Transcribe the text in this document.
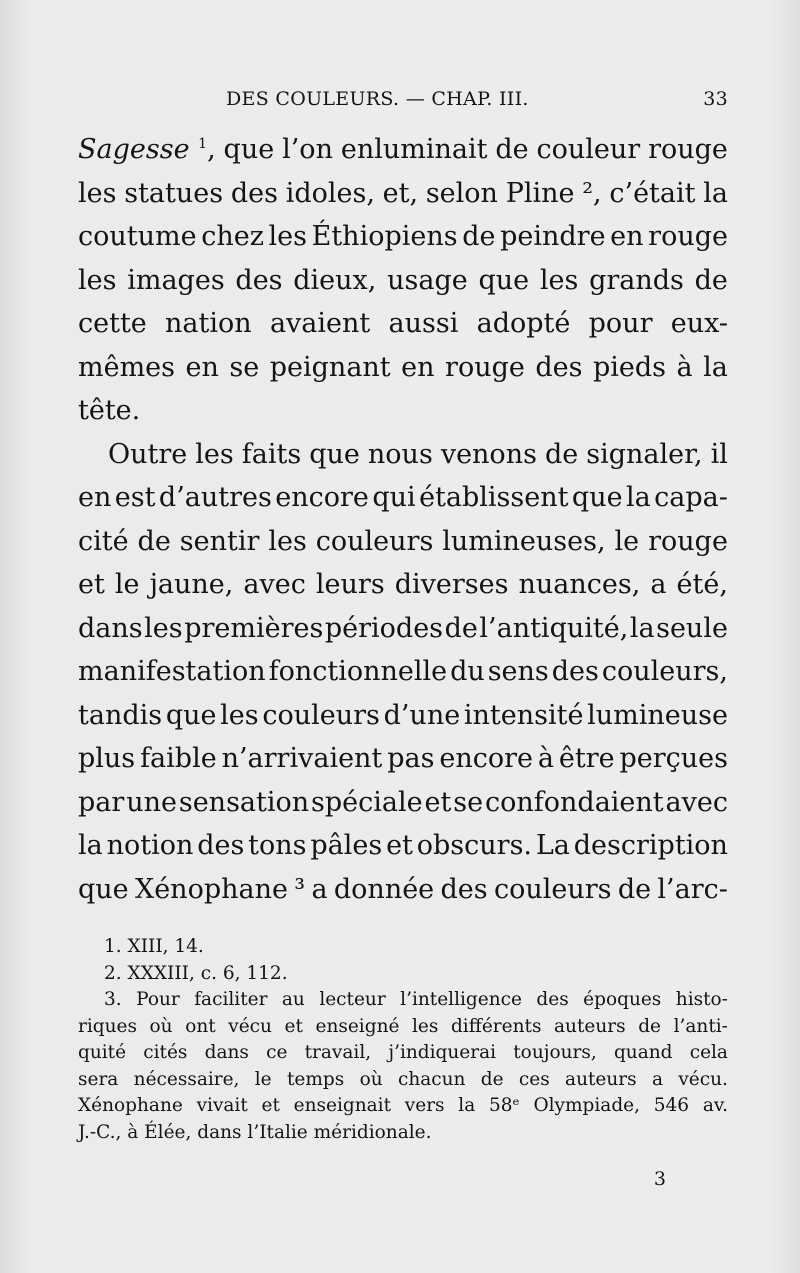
DES COULEURS. — CHAP. III.	33
Sagesse $^1$ , que l’on enluminait de couleur rouge
les statues des idoles, et, selon Pline ², c’était la
coutume chez les Éthiopiens de peindre en rouge
les images des dieux, usage que les grands de
cette nation avaient aussi adopté pour eux-
mêmes en se peignant en rouge des pieds à la
tête.
Outre les faits que nous venons de signaler, il
en est d’autres encore qui établissent que la capa-
cité de sentir les couleurs lumineuses, le rouge
et le jaune, avec leurs diverses nuances, a été,
dans les premières périodes de l’antiquité, la seule
manifestation fonctionnelle du sens des couleurs,
tandis que les couleurs d’une intensité lumineuse
plus faible n’arrivaient pas encore à être perçues
par une sensation spéciale et se confondaient avec
la notion des tons pâles et obscurs. La description
que Xénophane ³ a donnée des couleurs de l’arc-
1. XIII, 14.
2. XXXIII, c. 6, 112.
3. Pour faciliter au lecteur l’intelligence des époques histo-
riques où ont vécu et enseigné les différents auteurs de l’anti-
quité cités dans ce travail, j’indiquerai toujours, quand cela
sera nécessaire, le temps où chacun de ces auteurs a vécu.
Xénophane vivait et enseignait vers la 58ᵉ Olympiade, 546 av.
J.-C., à Élée, dans l’Italie méridionale.
3
